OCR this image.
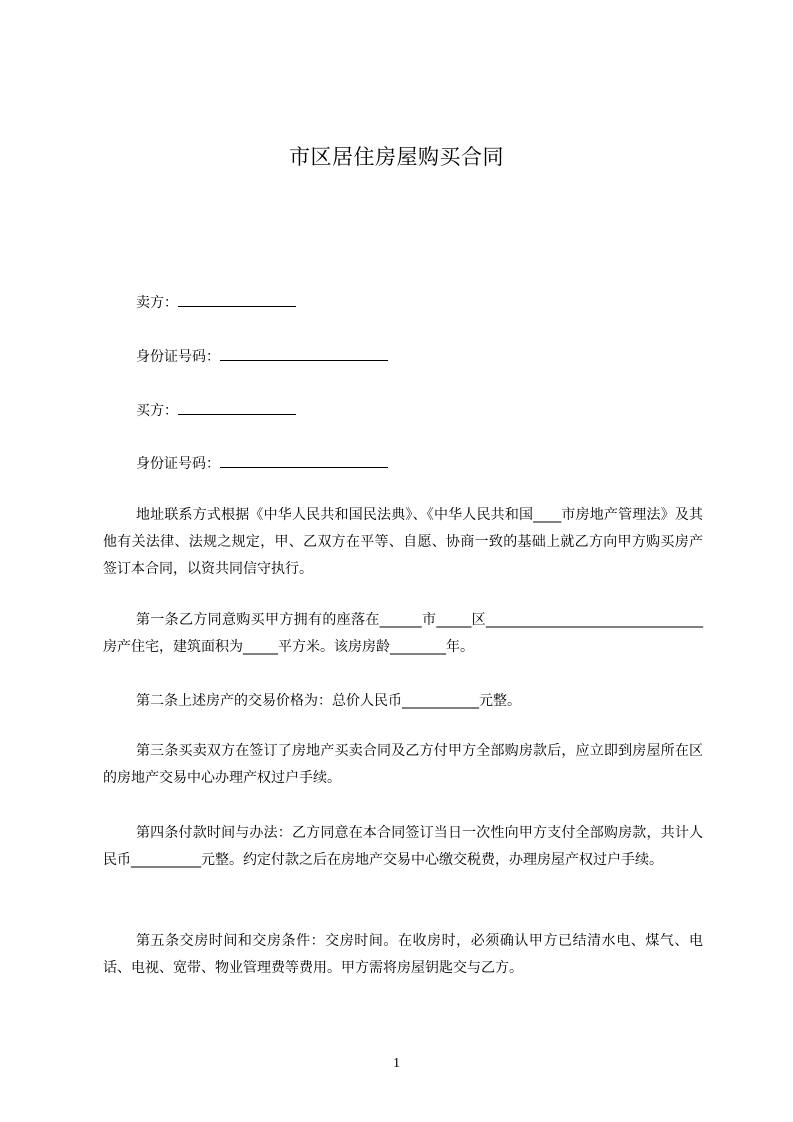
市区居住房屋购买合同
卖方：
身份证号码：
买方：
身份证号码：
地址联系方式根据《中华人民共和国民法典》、《中华人民共和国____市房地产管理法》及其他有关法律、法规之规定，甲、乙双方在平等、自愿、协商一致的基础上就乙方向甲方购买房产签订本合同，以资共同信守执行。
第一条乙方同意购买甲方拥有的座落在______市_____区_______________________________房产住宅，建筑面积为_____平方米。该房房龄________年。
第二条上述房产的交易价格为：总价人民币___________元整。
第三条买卖双方在签订了房地产买卖合同及乙方付甲方全部购房款后，应立即到房屋所在区的房地产交易中心办理产权过户手续。
第四条付款时间与办法：乙方同意在本合同签订当日一次性向甲方支付全部购房款，共计人民币__________元整。约定付款之后在房地产交易中心缴交税费，办理房屋产权过户手续。
第五条交房时间和交房条件：交房时间。在收房时，必须确认甲方已结清水电、煤气、电话、电视、宽带、物业管理费等费用。甲方需将房屋钥匙交与乙方。
1
